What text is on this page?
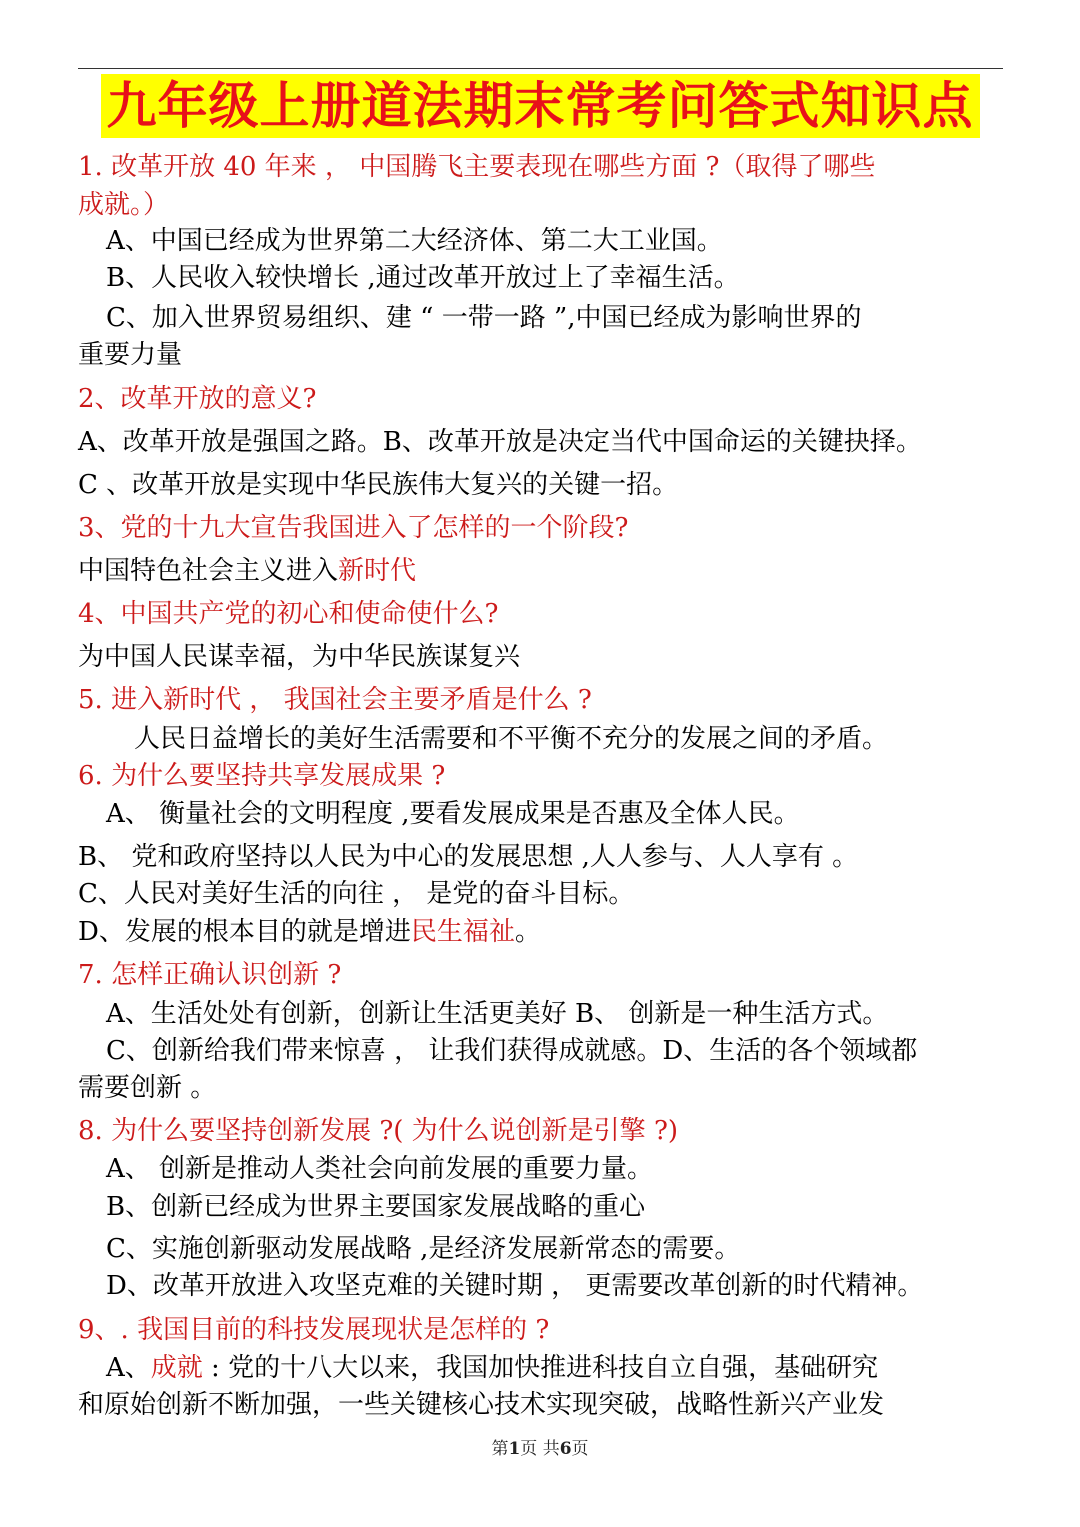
九年级上册道法期末常考问答式知识点
1. 改革开放 40 年来 ， 中国腾飞主要表现在哪些方面 ?（取得了哪些
成就。）
A、中国已经成为世界第二大经济体、第二大工业国。
B、人民收入较快增长 ,通过改革开放过上了幸福生活。
C、加入世界贸易组织、建 “ 一带一路 ”,中国已经成为影响世界的
重要力量
2、改革开放的意义?
A、改革开放是强国之路。B、改革开放是决定当代中国命运的关键抉择。
C 、改革开放是实现中华民族伟大复兴的关键一招。
3、党的十九大宣告我国进入了怎样的一个阶段?
中国特色社会主义进入新时代
4、中国共产党的初心和使命使什么?
为中国人民谋幸福，为中华民族谋复兴
5. 进入新时代 ， 我国社会主要矛盾是什么 ?
人民日益增长的美好生活需要和不平衡不充分的发展之间的矛盾。
6. 为什么要坚持共享发展成果 ?
A、 衡量社会的文明程度 ,要看发展成果是否惠及全体人民。
B、 党和政府坚持以人民为中心的发展思想 ,人人参与、人人享有 。
C、人民对美好生活的向往 ， 是党的奋斗目标。
D、发展的根本目的就是增进民生福祉。
7. 怎样正确认识创新 ?
A、生活处处有创新，创新让生活更美好 B、 创新是一种生活方式。
C、创新给我们带来惊喜 ， 让我们获得成就感。D、生活的各个领域都
需要创新 。
8. 为什么要坚持创新发展 ?( 为什么说创新是引擎 ?)
A、 创新是推动人类社会向前发展的重要力量。
B、创新已经成为世界主要国家发展战略的重心
C、实施创新驱动发展战略 ,是经济发展新常态的需要。
D、改革开放进入攻坚克难的关键时期 ， 更需要改革创新的时代精神。
9、. 我国目前的科技发展现状是怎样的 ?
A、成就 : 党的十八大以来，我国加快推进科技自立自强，基础研究
和原始创新不断加强，一些关键核心技术实现突破，战略性新兴产业发
第1页 共6页
